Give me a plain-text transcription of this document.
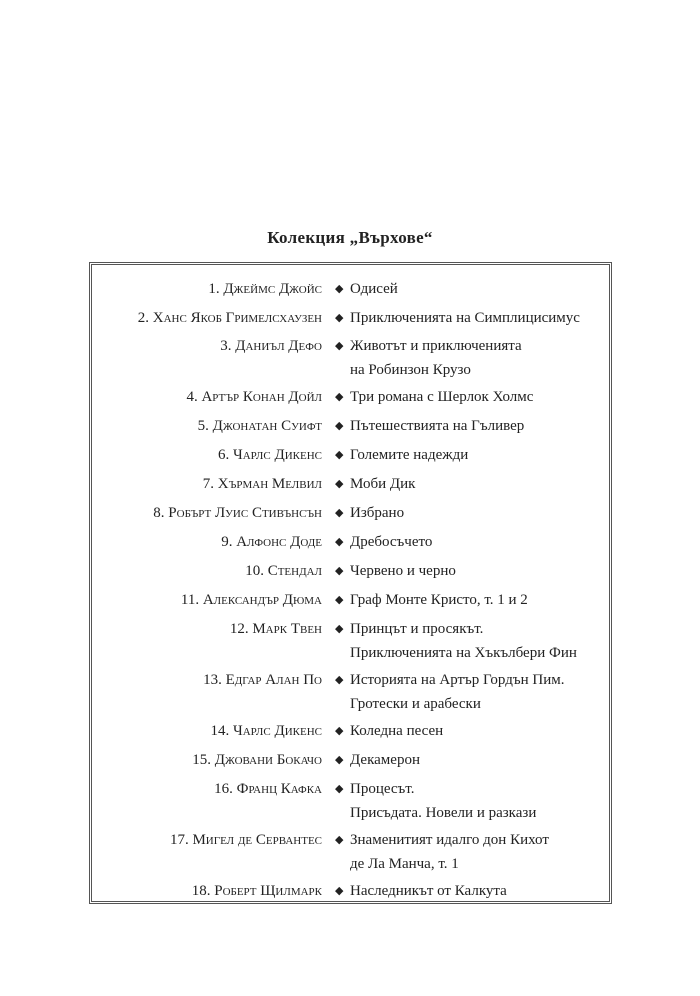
Колекция „Върхове“
1. Джеймс Джойс ◆ Одисей
2. Ханс Якоб Гримелсхаузен ◆ Приключенията на Симплицисимус
3. Даниъл Дефо ◆ Животът и приключенията
на Робинзон Крузо
4. Артър Конан Дойл ◆ Три романа с Шерлок Холмс
5. Джонатан Суифт ◆ Пътешествията на Гъливер
6. Чарлс Дикенс ◆ Големите надежди
7. Хърман Мелвил ◆ Моби Дик
8. Робърт Луис Стивънсън ◆ Избрано
9. Алфонс Доде ◆ Дребосъчето
10. Стендал ◆ Червено и черно
11. Александър Дюма ◆ Граф Монте Кристо, т. 1 и 2
12. Марк Твен ◆ Принцът и просякът.
Приключенията на Хъкълбери Фин
13. Едгар Алан По ◆ Историята на Артър Гордън Пим.
Гротески и арабески
14. Чарлс Дикенс ◆ Коледна песен
15. Джовани Бокачо ◆ Декамерон
16. Франц Кафка ◆ Процесът.
Присъдата. Новели и разкази
17. Мигел де Сервантес ◆ Знаменитият идалго дон Кихот
де Ла Манча, т. 1
18. Роберт Щилмарк ◆ Наследникът от Калкута
